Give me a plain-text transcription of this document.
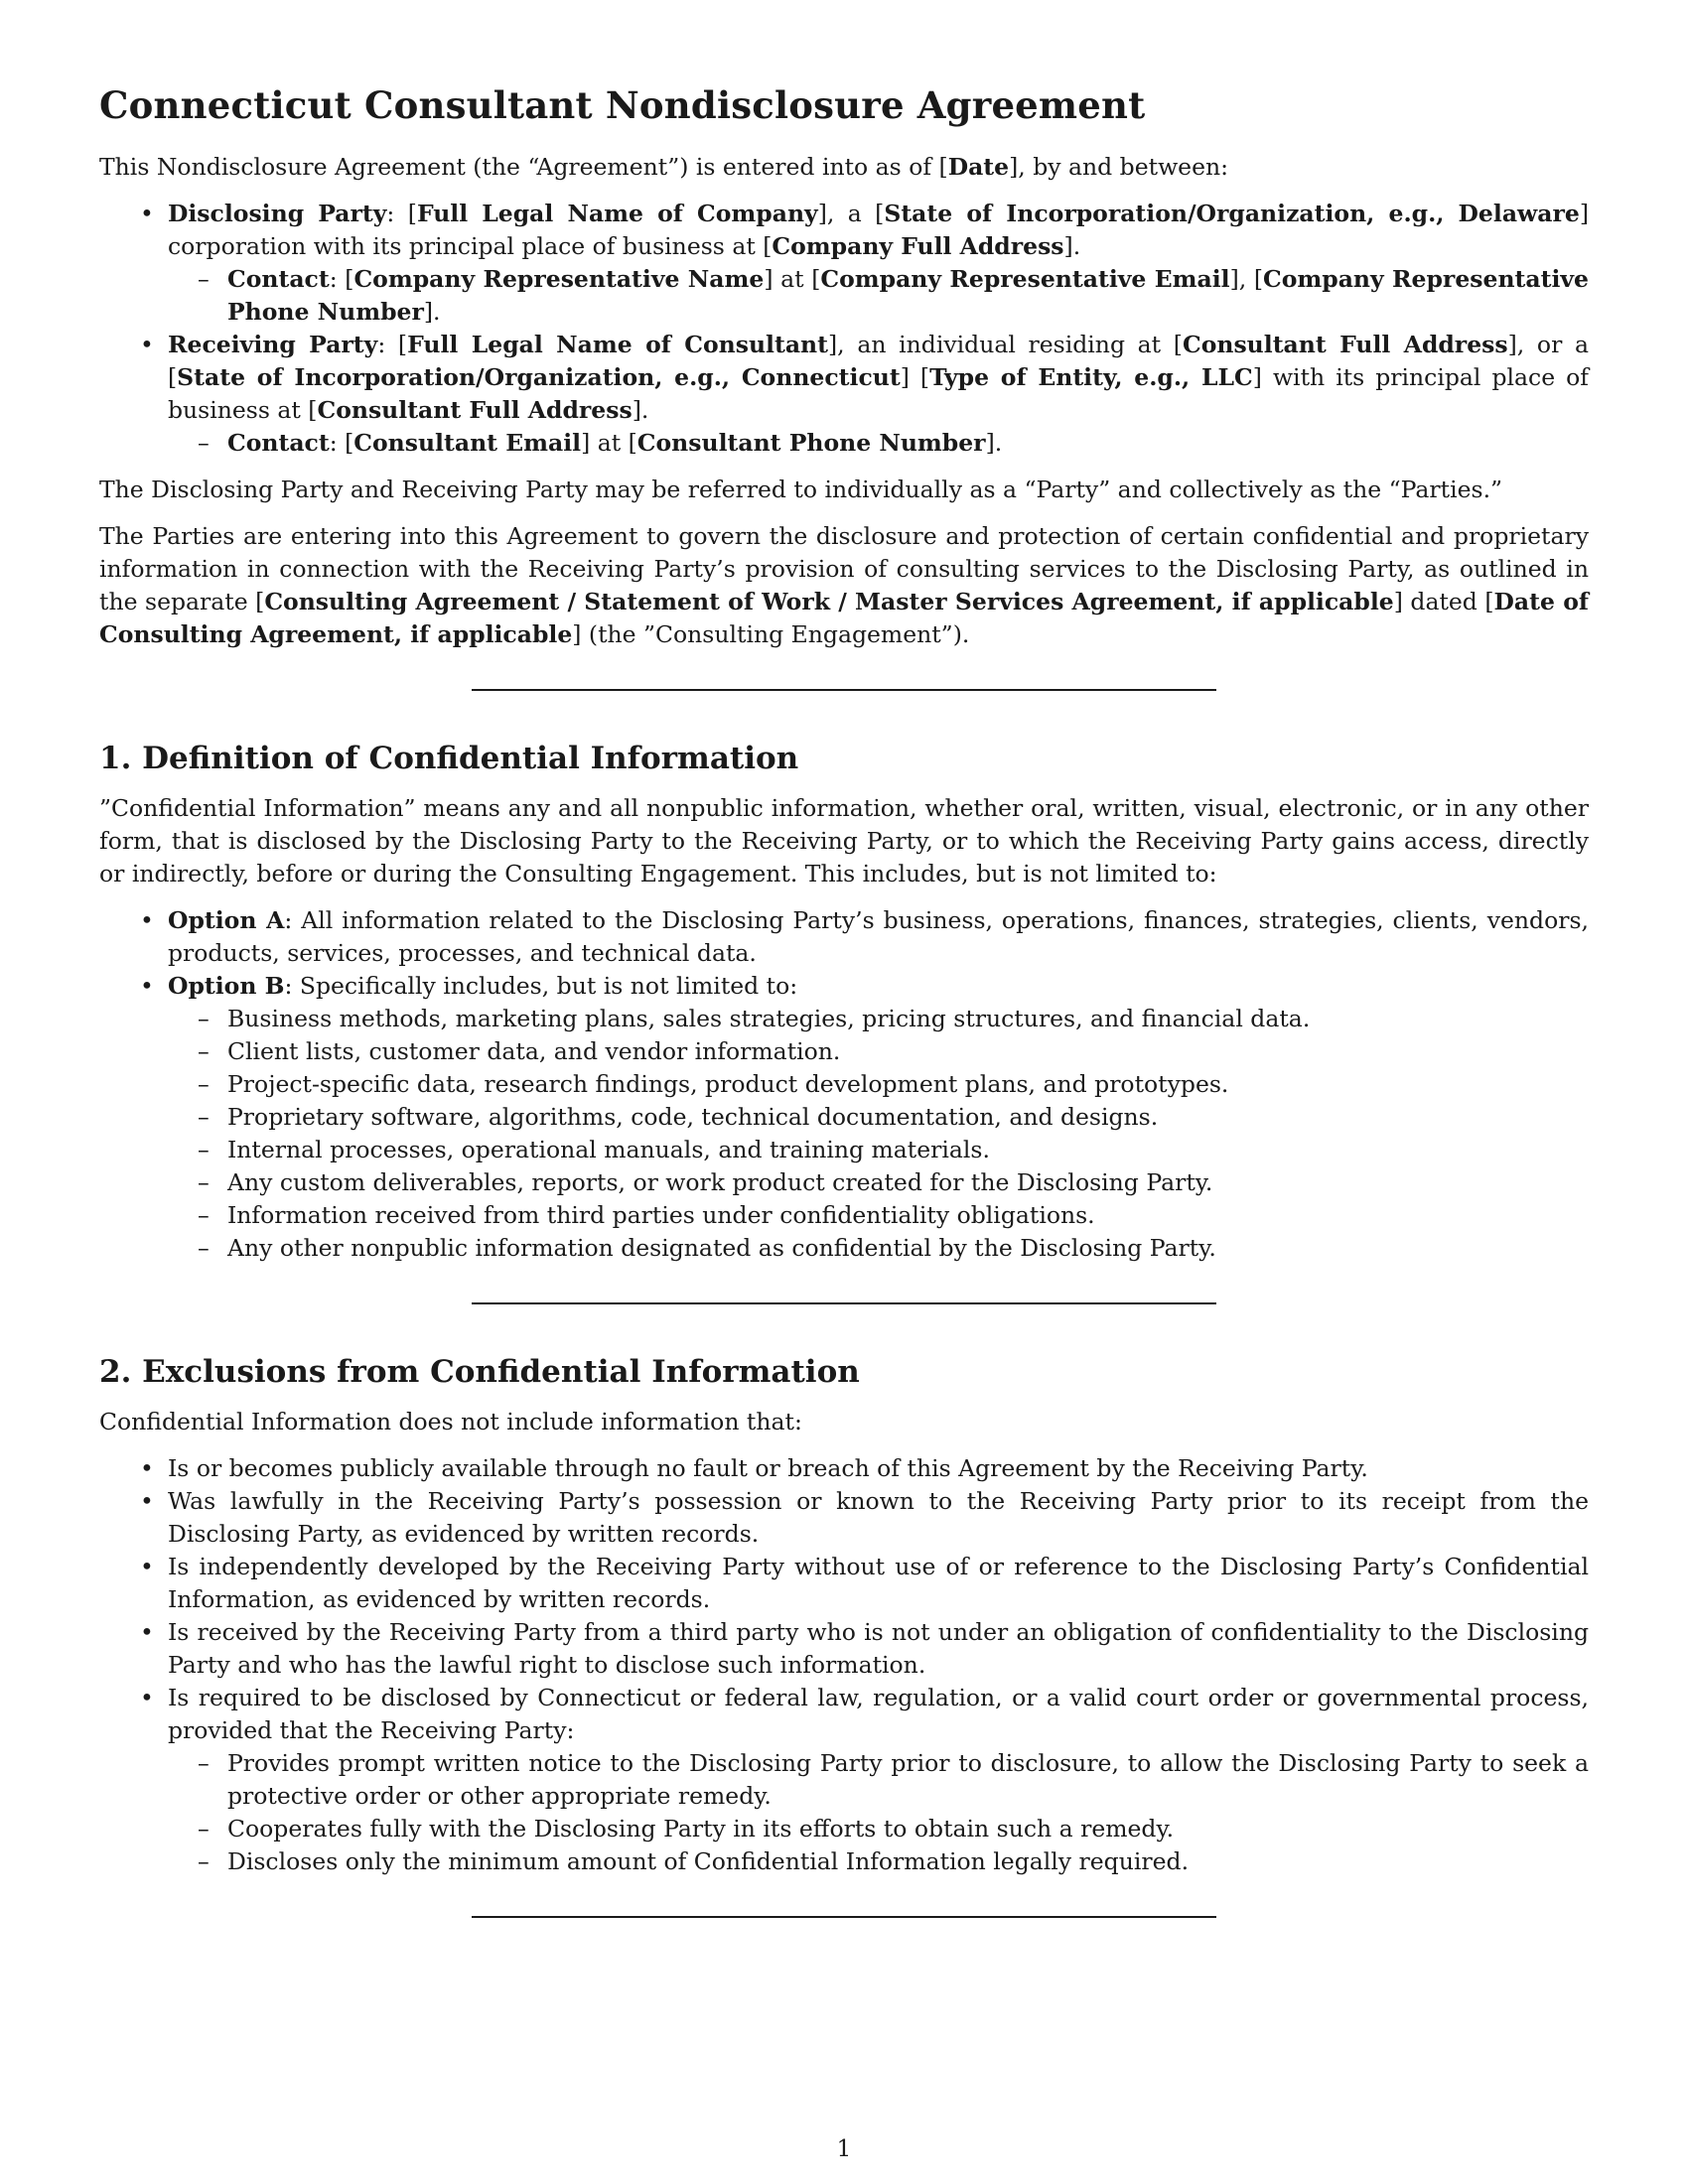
Connecticut Consultant Nondisclosure Agreement

This Nondisclosure Agreement (the “Agreement”) is entered into as of [Date], by and between:

• Disclosing Party: [Full Legal Name of Company], a [State of Incorporation/Organization, e.g., Delaware] corporation with its principal place of business at [Company Full Address].
– Contact: [Company Representative Name] at [Company Representative Email], [Company Representative Phone Number].
• Receiving Party: [Full Legal Name of Consultant], an individual residing at [Consultant Full Address], or a [State of Incorporation/Organization, e.g., Connecticut] [Type of Entity, e.g., LLC] with its principal place of business at [Consultant Full Address].
– Contact: [Consultant Email] at [Consultant Phone Number].

The Disclosing Party and Receiving Party may be referred to individually as a “Party” and collectively as the “Parties.”

The Parties are entering into this Agreement to govern the disclosure and protection of certain confidential and proprietary information in connection with the Receiving Party’s provision of consulting services to the Disclosing Party, as outlined in the separate [Consulting Agreement / Statement of Work / Master Services Agreement, if applicable] dated [Date of Consulting Agreement, if applicable] (the ”Consulting Engagement”).

1. Definition of Confidential Information

”Confidential Information” means any and all nonpublic information, whether oral, written, visual, electronic, or in any other form, that is disclosed by the Disclosing Party to the Receiving Party, or to which the Receiving Party gains access, directly or indirectly, before or during the Consulting Engagement. This includes, but is not limited to:

• Option A: All information related to the Disclosing Party’s business, operations, finances, strategies, clients, vendors, products, services, processes, and technical data.
• Option B: Specifically includes, but is not limited to:
– Business methods, marketing plans, sales strategies, pricing structures, and financial data.
– Client lists, customer data, and vendor information.
– Project-specific data, research findings, product development plans, and prototypes.
– Proprietary software, algorithms, code, technical documentation, and designs.
– Internal processes, operational manuals, and training materials.
– Any custom deliverables, reports, or work product created for the Disclosing Party.
– Information received from third parties under confidentiality obligations.
– Any other nonpublic information designated as confidential by the Disclosing Party.
2. Exclusions from Confidential Information

Confidential Information does not include information that:

• Is or becomes publicly available through no fault or breach of this Agreement by the Receiving Party.
• Was lawfully in the Receiving Party’s possession or known to the Receiving Party prior to its receipt from the Disclosing Party, as evidenced by written records.
• Is independently developed by the Receiving Party without use of or reference to the Disclosing Party’s Confidential Information, as evidenced by written records.
• Is received by the Receiving Party from a third party who is not under an obligation of confidentiality to the Disclosing Party and who has the lawful right to disclose such information.
• Is required to be disclosed by Connecticut or federal law, regulation, or a valid court order or governmental process, provided that the Receiving Party:
– Provides prompt written notice to the Disclosing Party prior to disclosure, to allow the Disclosing Party to seek a protective order or other appropriate remedy.
– Cooperates fully with the Disclosing Party in its efforts to obtain such a remedy.
– Discloses only the minimum amount of Confidential Information legally required.
1
